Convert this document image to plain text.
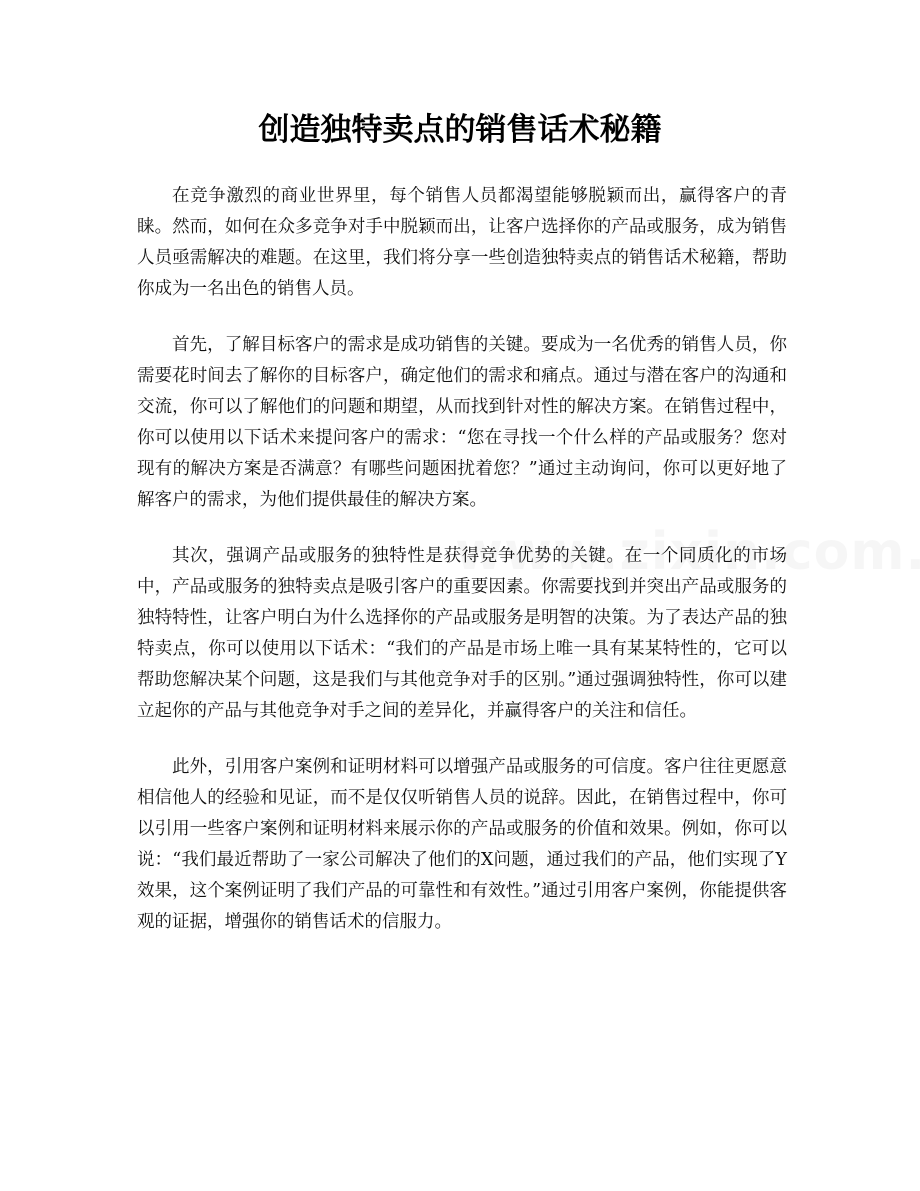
创造独特卖点的销售话术秘籍

在竞争激烈的商业世界里，每个销售人员都渴望能够脱颖而出，赢得客户的青睐。然而，如何在众多竞争对手中脱颖而出，让客户选择你的产品或服务，成为销售人员亟需解决的难题。在这里，我们将分享一些创造独特卖点的销售话术秘籍，帮助你成为一名出色的销售人员。

首先，了解目标客户的需求是成功销售的关键。要成为一名优秀的销售人员，你需要花时间去了解你的目标客户，确定他们的需求和痛点。通过与潜在客户的沟通和交流，你可以了解他们的问题和期望，从而找到针对性的解决方案。在销售过程中，你可以使用以下话术来提问客户的需求：“您在寻找一个什么样的产品或服务？您对现有的解决方案是否满意？有哪些问题困扰着您？”通过主动询问，你可以更好地了解客户的需求，为他们提供最佳的解决方案。

其次，强调产品或服务的独特性是获得竞争优势的关键。在一个同质化的市场中，产品或服务的独特卖点是吸引客户的重要因素。你需要找到并突出产品或服务的独特特性，让客户明白为什么选择你的产品或服务是明智的决策。为了表达产品的独特卖点，你可以使用以下话术：“我们的产品是市场上唯一具有某某特性的，它可以帮助您解决某个问题，这是我们与其他竞争对手的区别。”通过强调独特性，你可以建立起你的产品与其他竞争对手之间的差异化，并赢得客户的关注和信任。

此外，引用客户案例和证明材料可以增强产品或服务的可信度。客户往往更愿意相信他人的经验和见证，而不是仅仅听销售人员的说辞。因此，在销售过程中，你可以引用一些客户案例和证明材料来展示你的产品或服务的价值和效果。例如，你可以说：“我们最近帮助了一家公司解决了他们的X问题，通过我们的产品，他们实现了Y效果，这个案例证明了我们产品的可靠性和有效性。”通过引用客户案例，你能提供客观的证据，增强你的销售话术的信服力。
